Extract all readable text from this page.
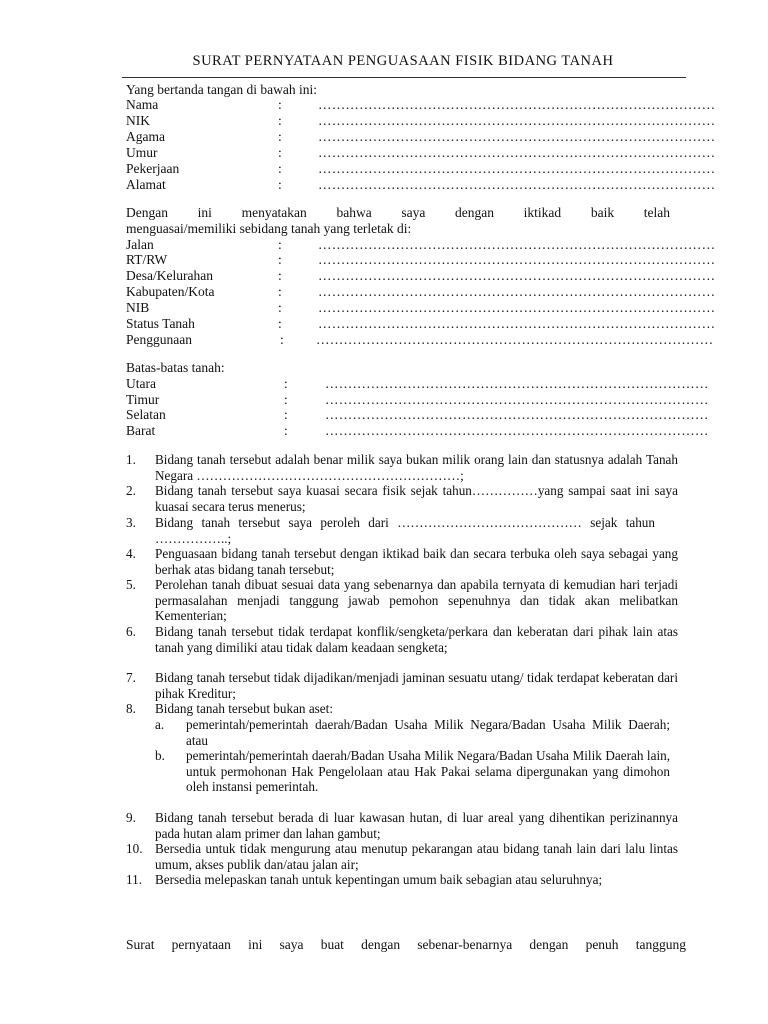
SURAT PERNYATAAN PENGUASAAN FISIK BIDANG TANAH
Yang bertanda tangan di bawah ini:
Nama	:	……………………………………………………………………………
NIK	:	……………………………………………………………………………
Agama	:	……………………………………………………………………………
Umur	:	……………………………………………………………………………
Pekerjaan	:	……………………………………………………………………………
Alamat	:	……………………………………………………………………………
Dengan ini menyatakan bahwa saya dengan iktikad baik telah
menguasai/memiliki sebidang tanah yang terletak di:
Jalan	:	……………………………………………………………………………
RT/RW	:	……………………………………………………………………………
Desa/Kelurahan	:	……………………………………………………………………………
Kabupaten/Kota	:	……………………………………………………………………………
NIB	:	……………………………………………………………………………
Status Tanah	:	……………………………………………………………………………
Penggunaan	: ……………………………………………………………………………
Batas-batas tanah:
Utara	:	…………………………………………………………………………
Timur	:	…………………………………………………………………………
Selatan	:	…………………………………………………………………………
Barat	:	…………………………………………………………………………
1. Bidang tanah tersebut adalah benar milik saya bukan milik orang lain dan statusnya adalah Tanah Negara ……………………………………………………;
2. Bidang tanah tersebut saya kuasai secara fisik sejak tahun……………yang sampai saat ini saya kuasai secara terus menerus;
3. Bidang tanah tersebut saya peroleh dari …………………………………… sejak tahun ……………..;
4. Penguasaan bidang tanah tersebut dengan iktikad baik dan secara terbuka oleh saya sebagai yang berhak atas bidang tanah tersebut;
5. Perolehan tanah dibuat sesuai data yang sebenarnya dan apabila ternyata di kemudian hari terjadi permasalahan menjadi tanggung jawab pemohon sepenuhnya dan tidak akan melibatkan Kementerian;
6. Bidang tanah tersebut tidak terdapat konflik/sengketa/perkara dan keberatan dari pihak lain atas tanah yang dimiliki atau tidak dalam keadaan sengketa;
7. Bidang tanah tersebut tidak dijadikan/menjadi jaminan sesuatu utang/ tidak terdapat keberatan dari pihak Kreditur;
8. Bidang tanah tersebut bukan aset:
a. pemerintah/pemerintah daerah/Badan Usaha Milik Negara/Badan Usaha Milik Daerah; atau
b. pemerintah/pemerintah daerah/Badan Usaha Milik Negara/Badan Usaha Milik Daerah lain, untuk permohonan Hak Pengelolaan atau Hak Pakai selama dipergunakan yang dimohon oleh instansi pemerintah.
9. Bidang tanah tersebut berada di luar kawasan hutan, di luar areal yang dihentikan perizinannya pada hutan alam primer dan lahan gambut;
10. Bersedia untuk tidak mengurung atau menutup pekarangan atau bidang tanah lain dari lalu lintas umum, akses publik dan/atau jalan air;
11. Bersedia melepaskan tanah untuk kepentingan umum baik sebagian atau seluruhnya;
Surat pernyataan ini saya buat dengan sebenar-benarnya dengan penuh tanggung
